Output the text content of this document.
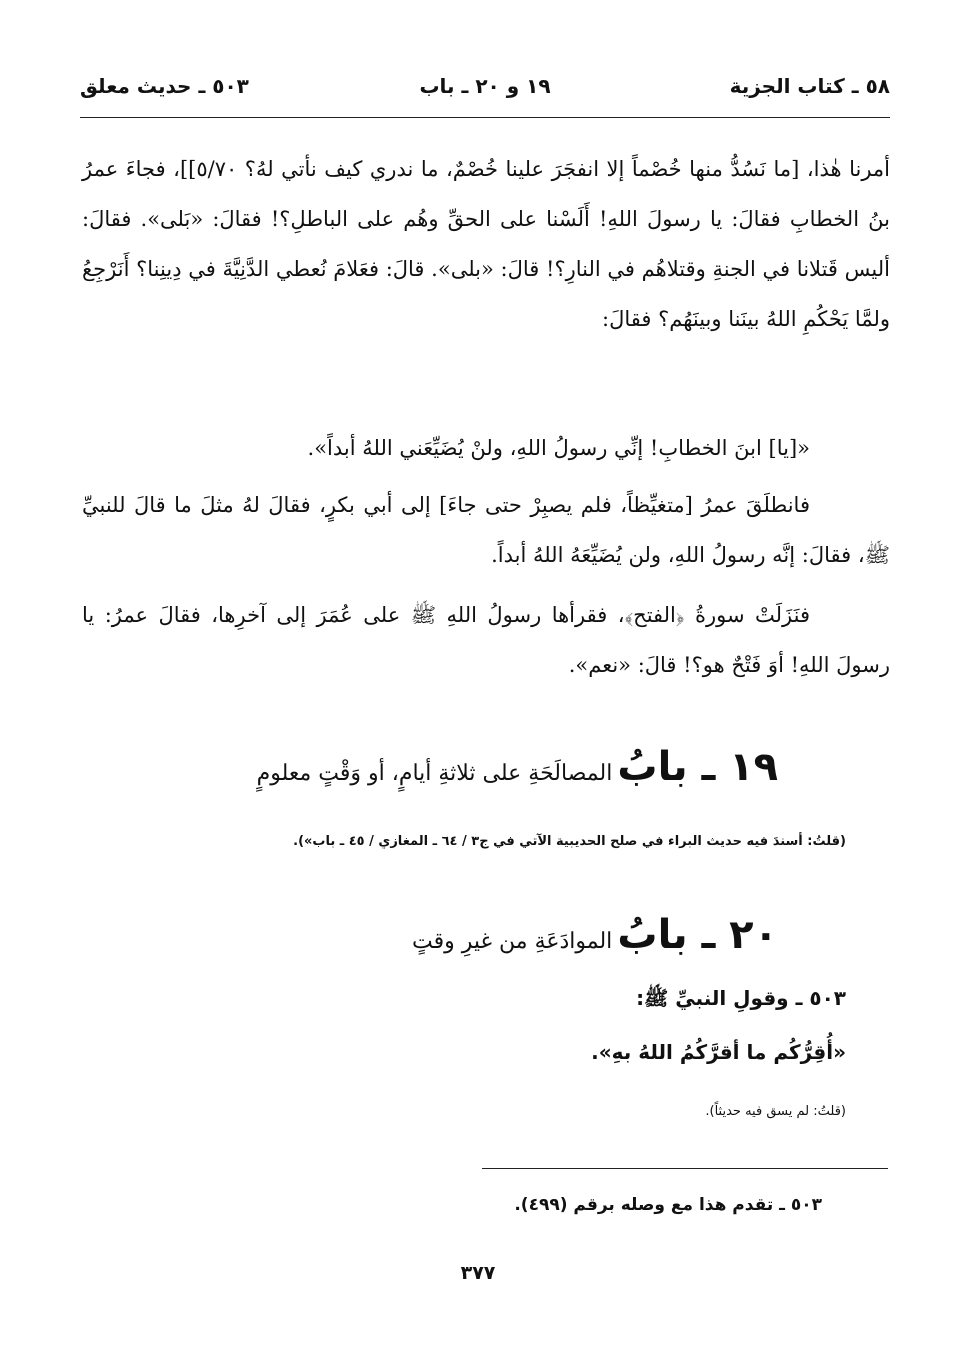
٥٨ ـ كتاب الجزية
١٩ و ٢٠ ـ باب
٥٠٣ ـ حديث معلق
أمرنا هٰذا، [ما نَسُدُّ منها خُصْماً إلا انفجَرَ علينا خُصْمٌ، ما ندري كيف نأتي لهُ؟ ٥/٧٠]]، فجاءَ عمرُ بنُ الخطابِ فقالَ: يا رسولَ اللهِ! أَلَسْنا على الحقِّ وهُم على الباطلِ؟! فقالَ: «بَلى». فقالَ: أليس قَتلانا في الجنةِ وقتلاهُم في النارِ؟! قالَ: «بلى». قالَ: فعَلامَ نُعطي الدَّنِيَّةَ في دِينِنا؟ أَنَرْجِعُ ولمَّا يَحْكُمِ اللهُ بينَنا وبينَهُم؟ فقالَ:
«[يا] ابنَ الخطابِ! إنِّي رسولُ اللهِ، ولنْ يُضَيِّعَني اللهُ أبداً».
فانطلَقَ عمرُ [متغيِّظاً، فلم يصبِرْ حتى جاءَ] إلى أبي بكرٍ، فقالَ لهُ مثلَ ما قالَ للنبيِّ ﷺ، فقالَ: إنَّه رسولُ اللهِ، ولن يُضَيِّعَهُ اللهُ أبداً.
فنَزَلَتْ سورةُ ﴿الفتح﴾، فقرأها رسولُ اللهِ ﷺ على عُمَرَ إلى آخرِها، فقالَ عمرُ: يا رسولَ اللهِ! أوَ فَتْحٌ هو؟! قالَ: «نعم».
١٩ ـ بابُ المصالَحَةِ على ثلاثةِ أيامٍ، أو وَقْتٍ معلومٍ
(قلتُ: أسندَ فيه حديث البراء في صلح الحديبية الآتي في ج٣ / ٦٤ ـ المغازي / ٤٥ ـ باب»).
٢٠ ـ بابُ الموادَعَةِ من غيرِ وقتٍ
٥٠٣ ـ وقولِ النبيِّ ﷺ:
«أُقِرُّكُم ما أقرَّكُمُ اللهُ بهِ».
(قلتُ: لم يسق فيه حديثاً).
٥٠٣ ـ تقدم هذا مع وصله برقم (٤٩٩).
٣٧٧
